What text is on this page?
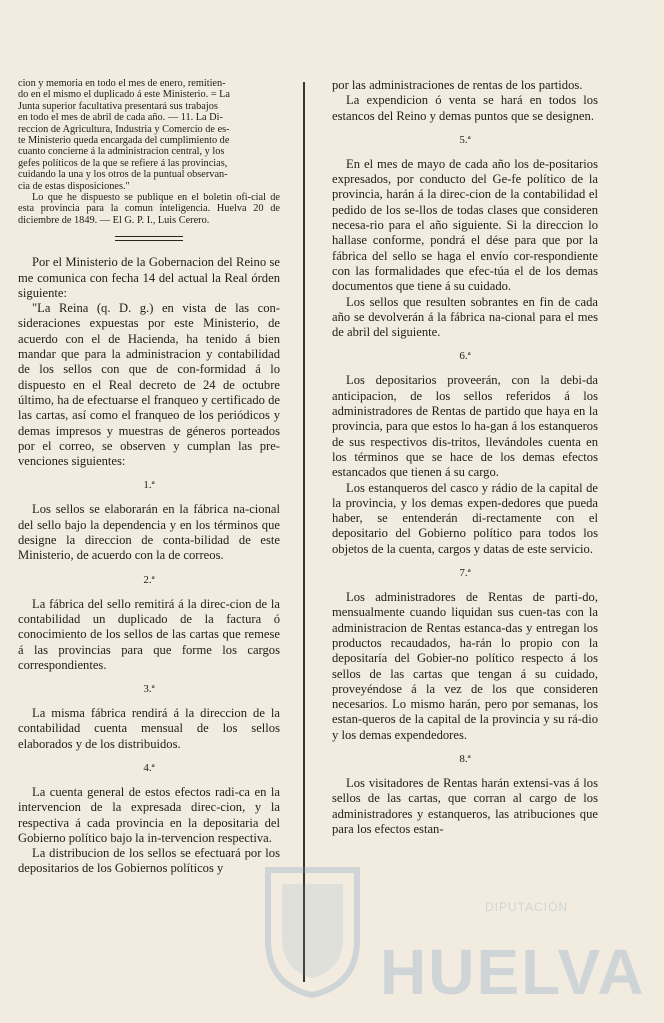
cion y memoria en todo el mes de enero, remitien-

do en el mismo el duplicado á este Ministerio. = La

Junta superior facultativa presentará sus trabajos

en todo el mes de abril de cada año. — 11. La Di-

reccion de Agricultura, Industria y Comercio de es-

te Ministerio queda encargada del cumplimiento de

cuanto concierne á la administracion central, y los

gefes políticos de la que se refiere á las provincias,

cuidando la una y los otros de la puntual observan-

cia de estas disposiciones."

Lo que he dispuesto se publique en el boletin ofi-cial de esta provincia para la comun inteligencia. Huelva 20 de diciembre de 1849. — El G. P. I., Luis Cerero.

Por el Ministerio de la Gobernacion del Reino se me comunica con fecha 14 del actual la Real órden siguiente:

"La Reina (q. D. g.) en vista de las con-sideraciones expuestas por este Ministerio, de acuerdo con el de Hacienda, ha tenido á bien mandar que para la administracion y contabilidad de los sellos con que de con-formidad á lo dispuesto en el Real decreto de 24 de octubre último, ha de efectuarse el franqueo y certificado de las cartas, así como el franqueo de los periódicos y demas impresos y muestras de géneros porteados por el correo, se observen y cumplan las pre-venciones siguientes:

1.ª

Los sellos se elaborarán en la fábrica na-cional del sello bajo la dependencia y en los términos que designe la direccion de conta-bilidad de este Ministerio, de acuerdo con la de correos.

2.ª

La fábrica del sello remitirá á la direc-cion de la contabilidad un duplicado de la factura ó conocimiento de los sellos de las cartas que remese á las provincias para que forme los cargos correspondientes.

3.ª

La misma fábrica rendirá á la direccion de la contabilidad cuenta mensual de los sellos elaborados y de los distribuidos.

4.ª

La cuenta general de estos efectos radi-ca en la intervencion de la expresada direc-cion, y la respectiva á cada provincia en la depositaria del Gobierno político bajo la in-tervencion respectiva.

La distribucion de los sellos se efectuará por los depositarios de los Gobiernos políticos y

por las administraciones de rentas de los partidos.

La expendicion ó venta se hará en todos los estancos del Reino y demas puntos que se designen.

5.ª

En el mes de mayo de cada año los de-positarios expresados, por conducto del Ge-fe político de la provincia, harán á la direc-cion de la contabilidad el pedido de los se-llos de todas clases que consideren necesa-rio para el año siguiente. Si la direccion lo hallase conforme, pondrá el dése para que por la fábrica del sello se haga el envío cor-respondiente con las formalidades que efec-túa el de los demas documentos que tiene á su cuidado.

Los sellos que resulten sobrantes en fin de cada año se devolverán á la fábrica na-cional para el mes de abril del siguiente.

6.ª

Los depositarios proveerán, con la debi-da anticipacion, de los sellos referidos á los administradores de Rentas de partido que haya en la provincia, para que estos lo ha-gan á los estanqueros de sus respectivos dis-tritos, llevándoles cuenta en los términos que se hace de los demas efectos estancados que tienen á su cargo.

Los estanqueros del casco y rádio de la capital de la provincia, y los demas expen-dedores que pueda haber, se entenderán di-rectamente con el depositario del Gobierno político para todos los objetos de la cuenta, cargos y datas de este servicio.

7.ª

Los administradores de Rentas de parti-do, mensualmente cuando liquidan sus cuen-tas con la administracion de Rentas estanca-das y entregan los productos recaudados, ha-rán lo propio con la depositaría del Gobier-no político respecto á los sellos de las cartas que tengan á su cuidado, proveyéndose á la vez de los que consideren necesarios. Lo mismo harán, pero por semanas, los estan-queros de la capital de la provincia y su rá-dio y los demas expendedores.

8.ª

Los visitadores de Rentas harán extensi-vas á los sellos de las cartas, que corran al cargo de los administradores y estanqueros, las atribuciones que para los efectos estan-

DIPUTACIÓN
HUELVA
